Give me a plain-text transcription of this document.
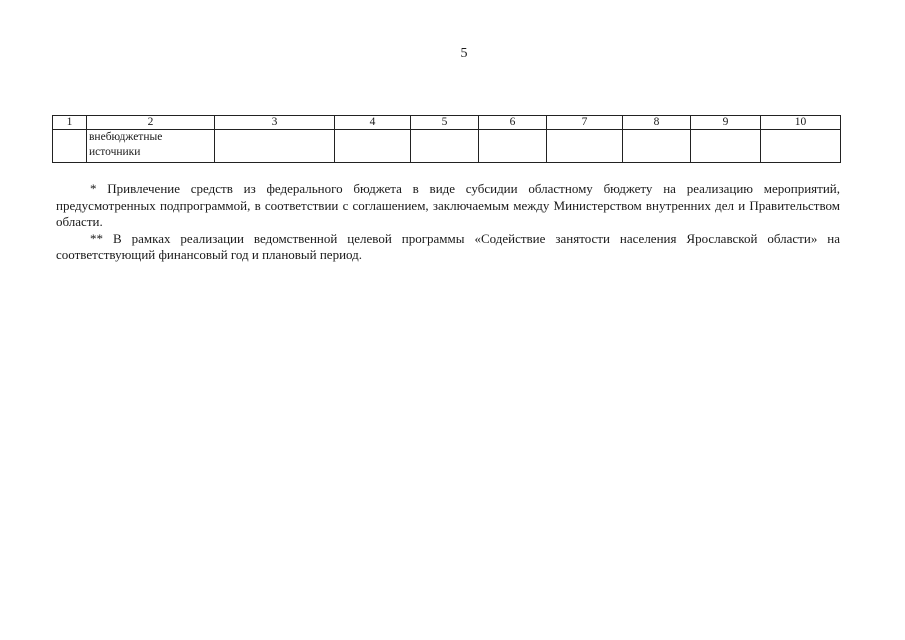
5
1	2	3	4	5	6	7	8	9	10
	внебюджетные источники								

* Привлечение средств из федерального бюджета в виде субсидии областному бюджету на реализацию мероприятий, предусмотренных подпрограммой, в соответствии с соглашением, заключаемым между Министерством внутренних дел и Правительством области.

** В рамках реализации ведомственной целевой программы «Содействие занятости населения Ярославской области» на соответствующий финансовый год и плановый период.
